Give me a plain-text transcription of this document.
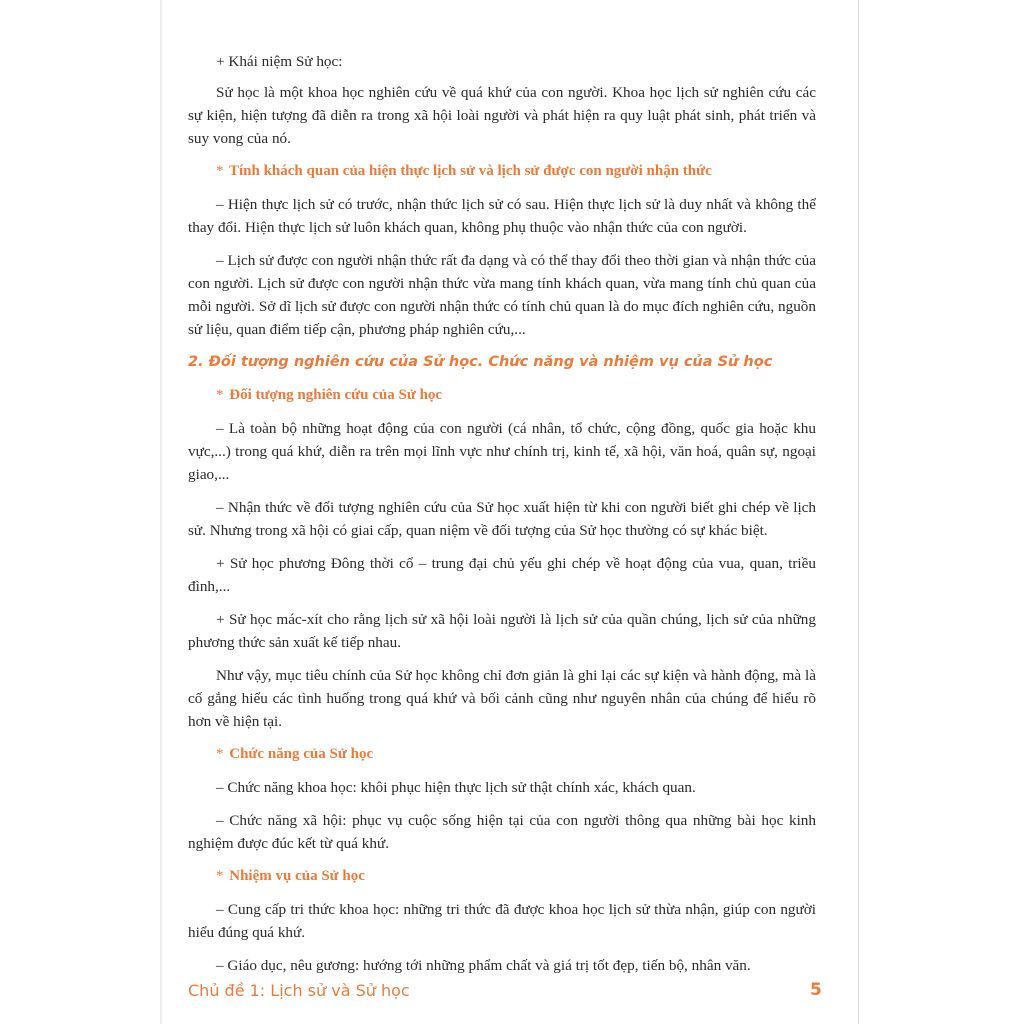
+ Khái niệm Sử học:

Sử học là một khoa học nghiên cứu về quá khứ của con người. Khoa học lịch sử nghiên cứu các sự kiện, hiện tượng đã diễn ra trong xã hội loài người và phát hiện ra quy luật phát sinh, phát triển và suy vong của nó.

* Tính khách quan của hiện thực lịch sử và lịch sử được con người nhận thức

– Hiện thực lịch sử có trước, nhận thức lịch sử có sau. Hiện thực lịch sử là duy nhất và không thể thay đổi. Hiện thực lịch sử luôn khách quan, không phụ thuộc vào nhận thức của con người.

– Lịch sử được con người nhận thức rất đa dạng và có thể thay đổi theo thời gian và nhận thức của con người. Lịch sử được con người nhận thức vừa mang tính khách quan, vừa mang tính chủ quan của mỗi người. Sở dĩ lịch sử được con người nhận thức có tính chủ quan là do mục đích nghiên cứu, nguồn sử liệu, quan điểm tiếp cận, phương pháp nghiên cứu,...

2. Đối tượng nghiên cứu của Sử học. Chức năng và nhiệm vụ của Sử học
* Đối tượng nghiên cứu của Sử học

– Là toàn bộ những hoạt động của con người (cá nhân, tổ chức, cộng đồng, quốc gia hoặc khu vực,...) trong quá khứ, diễn ra trên mọi lĩnh vực như chính trị, kinh tế, xã hội, văn hoá, quân sự, ngoại giao,...

– Nhận thức về đối tượng nghiên cứu của Sử học xuất hiện từ khi con người biết ghi chép về lịch sử. Nhưng trong xã hội có giai cấp, quan niệm về đối tượng của Sử học thường có sự khác biệt.

+ Sử học phương Đông thời cổ – trung đại chủ yếu ghi chép về hoạt động của vua, quan, triều đình,...

+ Sử học mác-xít cho rằng lịch sử xã hội loài người là lịch sử của quần chúng, lịch sử của những phương thức sản xuất kế tiếp nhau.

Như vậy, mục tiêu chính của Sử học không chỉ đơn giản là ghi lại các sự kiện và hành động, mà là cố gắng hiểu các tình huống trong quá khứ và bối cảnh cũng như nguyên nhân của chúng để hiểu rõ hơn về hiện tại.

* Chức năng của Sử học

– Chức năng khoa học: khôi phục hiện thực lịch sử thật chính xác, khách quan.

– Chức năng xã hội: phục vụ cuộc sống hiện tại của con người thông qua những bài học kinh nghiệm được đúc kết từ quá khứ.

* Nhiệm vụ của Sử học

– Cung cấp tri thức khoa học: những tri thức đã được khoa học lịch sử thừa nhận, giúp con người hiểu đúng quá khứ.

– Giáo dục, nêu gương: hướng tới những phẩm chất và giá trị tốt đẹp, tiến bộ, nhân văn.

Chủ đề 1: Lịch sử và Sử học	5
